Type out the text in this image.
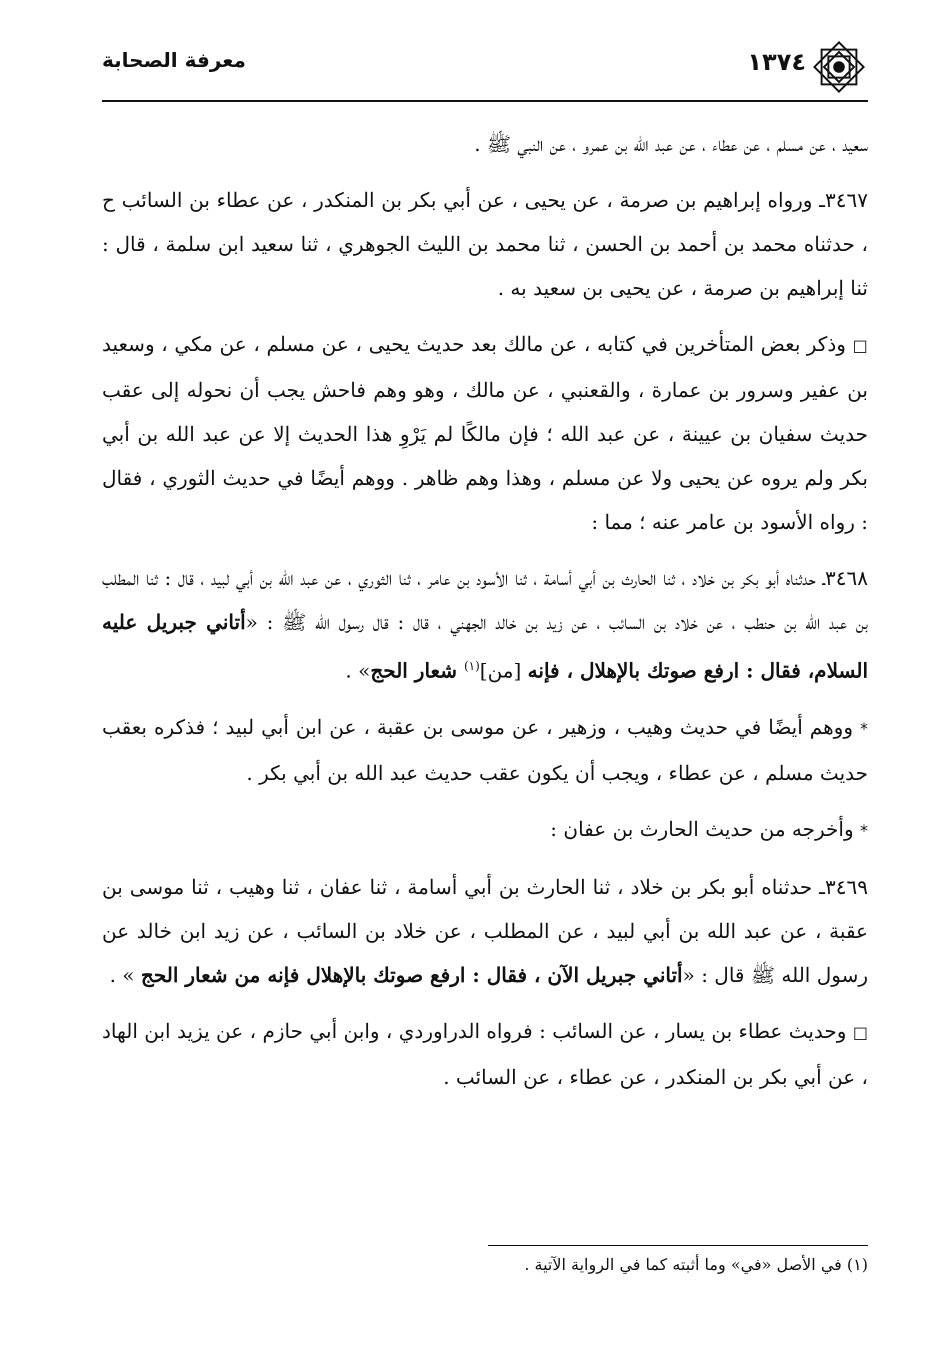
١٣٧٤
معرفة الصحابة

سعيد ، عن مسلم ، عن عطاء ، عن عبد الله بن عمرو ، عن النبي ﷺ .

٣٤٦٧ـ ورواه إبراهيم بن صرمة ، عن يحيى ، عن أبي بكر بن المنكدر ، عن عطاء بن السائب ح ، حدثناه محمد بن أحمد بن الحسن ، ثنا محمد بن الليث الجوهري ، ثنا سعيد ابن سلمة ، قال : ثنا إبراهيم بن صرمة ، عن يحيى بن سعيد به .

□ وذكر بعض المتأخرين في كتابه ، عن مالك بعد حديث يحيى ، عن مسلم ، عن مكي ، وسعيد بن عفير وسرور بن عمارة ، والقعنبي ، عن مالك ، وهو وهم فاحش يجب أن نحوله إلى عقب حديث سفيان بن عيينة ، عن عبد الله ؛ فإن مالكًا لم يَرْوِ هذا الحديث إلا عن عبد الله بن أبي بكر ولم يروه عن يحيى ولا عن مسلم ، وهذا وهم ظاهر . ووهم أيضًا في حديث الثوري ، فقال : رواه الأسود بن عامر عنه ؛ مما :

٣٤٦٨ـ حدثناه أبو بكر بن خلاد ، ثنا الحارث بن أبي أسامة ، ثنا الأسود بن عامر ، ثنا الثوري ، عن عبد الله بن أبي لبيد ، قال : ثنا المطلب بن عبد الله بن حنطب ، عن خلاد بن السائب ، عن زيد بن خالد الجهني ، قال : قال رسول الله ﷺ : «أتاني جبريل عليه السلام، فقال : ارفع صوتك بالإهلال ، فإنه [من]$^{(١)}$ شعار الحج» .

* ووهم أيضًا في حديث وهيب ، وزهير ، عن موسى بن عقبة ، عن ابن أبي لبيد ؛ فذكره بعقب حديث مسلم ، عن عطاء ، ويجب أن يكون عقب حديث عبد الله بن أبي بكر .

* وأخرجه من حديث الحارث بن عفان :

٣٤٦٩ـ حدثناه أبو بكر بن خلاد ، ثنا الحارث بن أبي أسامة ، ثنا عفان ، ثنا وهيب ، ثنا موسى بن عقبة ، عن عبد الله بن أبي لبيد ، عن المطلب ، عن خلاد بن السائب ، عن زيد ابن خالد عن رسول الله ﷺ قال : «أتاني جبريل الآن ، فقال : ارفع صوتك بالإهلال فإنه من شعار الحج » .

□ وحديث عطاء بن يسار ، عن السائب : فرواه الدراوردي ، وابن أبي حازم ، عن يزيد ابن الهاد ، عن أبي بكر بن المنكدر ، عن عطاء ، عن السائب .

(١) في الأصل «في» وما أثبته كما في الرواية الآتية .
